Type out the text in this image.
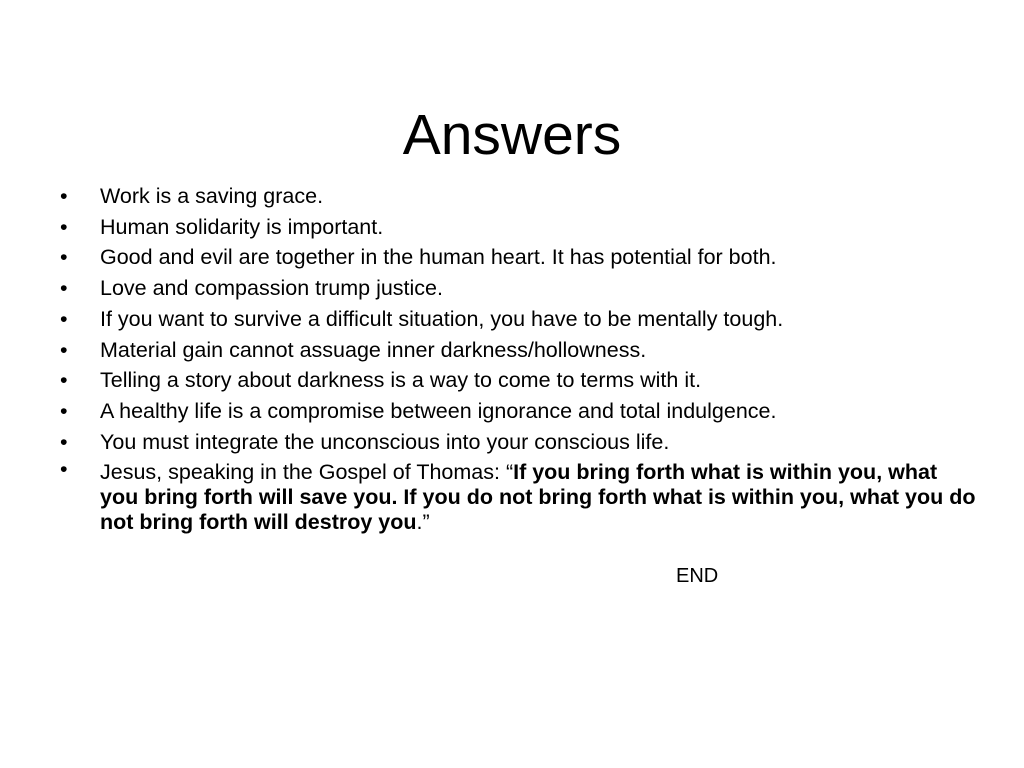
Answers
•	Work is a saving grace.
•	Human solidarity is important.
•	Good and evil are together in the human heart. It has potential for both.
•	Love and compassion trump justice.
•	If you want to survive a difficult situation, you have to be mentally tough.
•	Material gain cannot assuage inner darkness/hollowness.
•	Telling a story about darkness is a way to come to terms with it.
•	A healthy life is a compromise between ignorance and total indulgence.
•	You must integrate the unconscious into your conscious life.
•	Jesus, speaking in the Gospel of Thomas: “If you bring forth what is within you, what you bring forth will save you. If you do not bring forth what is within you, what you do not bring forth will destroy you.”
END
